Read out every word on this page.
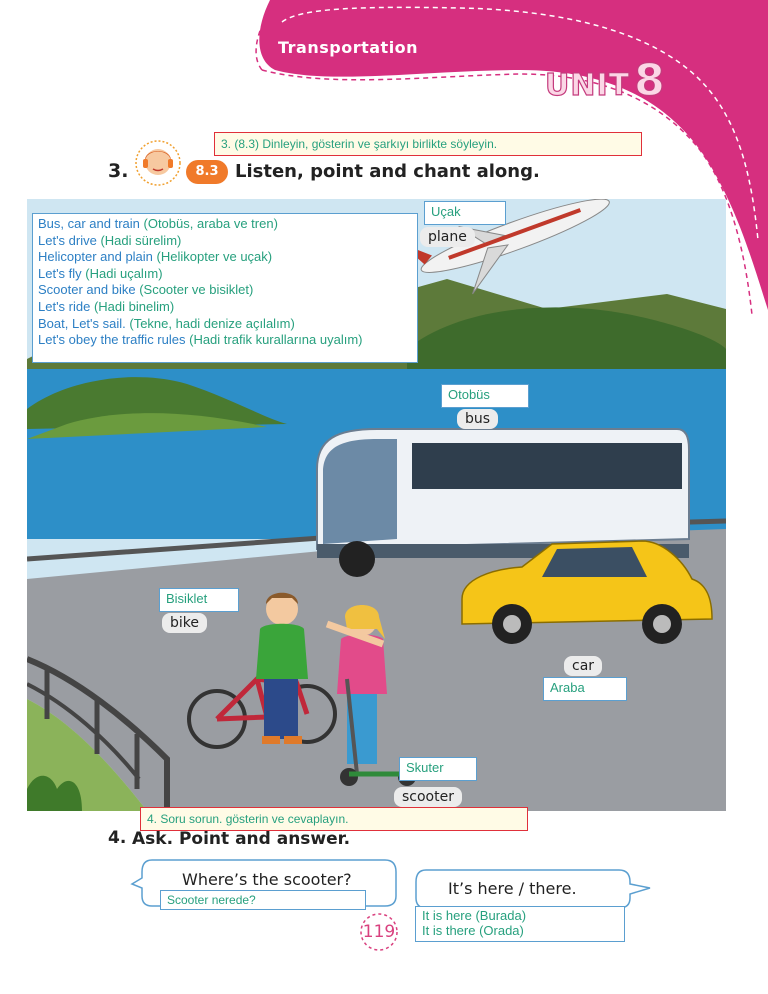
Transportation
UNIT8
3. (8.3) Dinleyin, gösterin ve şarkıyı birlikte söyleyin.
3.	8.3 Listen, point and chant along.
Bus, car and train (Otobüs, araba ve tren)
Let's drive (Hadi sürelim)
Helicopter and plain (Helikopter ve uçak)
Let's fly (Hadi uçalım)
Scooter and bike (Scooter ve bisiklet)
Let's ride (Hadi binelim)
Boat, Let's sail. (Tekne, hadi denize açılalım)
Let's obey the traffic rules (Hadi trafik kurallarına uyalım)
Uçak
plane
Otobüs
bus
Bisiklet
bike
car
Araba
Skuter
scooter
4. Soru sorun. gösterin ve cevaplayın.
4. Ask. Point and answer.
Where’s the scooter?
Scooter nerede?
It’s here / there.
It is here (Burada)
It is there (Orada)
119
